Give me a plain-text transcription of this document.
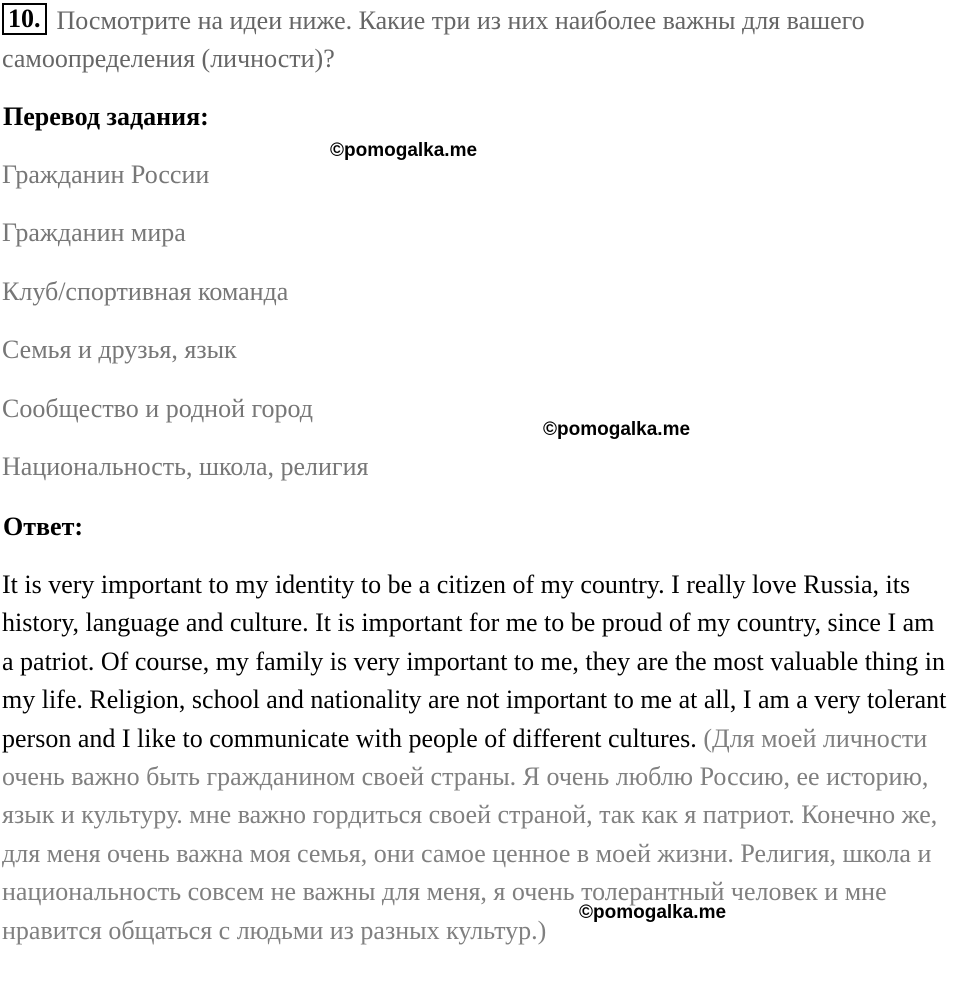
10. Посмотрите на идеи ниже. Какие три из них наиболее важны для вашего самоопределения (личности)?
Перевод задания:
Гражданин России
Гражданин мира
Клуб/спортивная команда
Семья и друзья, язык
Сообщество и родной город
Национальность, школа, религия
Ответ:
It is very important to my identity to be a citizen of my country. I really love Russia, its history, language and culture. It is important for me to be proud of my country, since I am a patriot. Of course, my family is very important to me, they are the most valuable thing in my life. Religion, school and nationality are not important to me at all, I am a very tolerant person and I like to communicate with people of different cultures. (Для моей личности очень важно быть гражданином своей страны. Я очень люблю Россию, ее историю, язык и культуру. мне важно гордиться своей страной, так как я патриот. Конечно же, для меня очень важна моя семья, они самое ценное в моей жизни. Религия, школа и национальность совсем не важны для меня, я очень толерантный человек и мне нравится общаться с людьми из разных культур.)
©pomogalka.me
©pomogalka.me
©pomogalka.me
